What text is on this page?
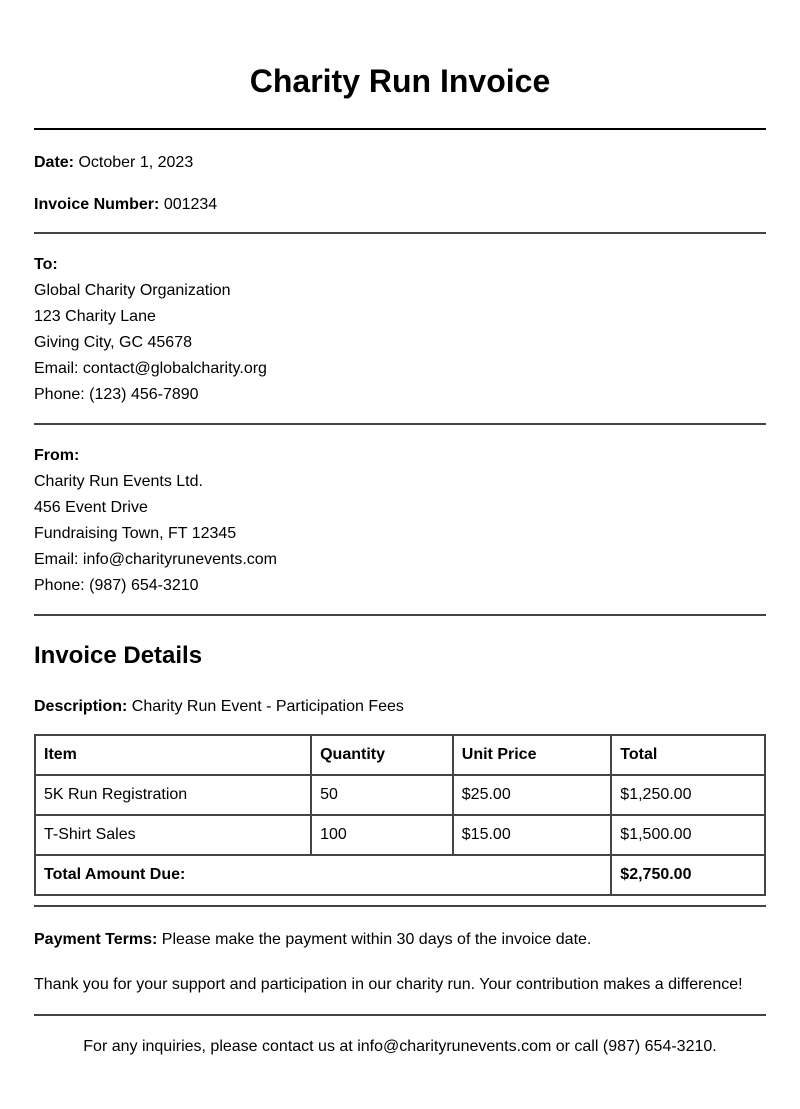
Charity Run Invoice
Date: October 1, 2023
Invoice Number: 001234
To:
Global Charity Organization
123 Charity Lane
Giving City, GC 45678
Email: contact@globalcharity.org
Phone: (123) 456-7890
From:
Charity Run Events Ltd.
456 Event Drive
Fundraising Town, FT 12345
Email: info@charityrunevents.com
Phone: (987) 654-3210
Invoice Details
Description: Charity Run Event - Participation Fees
Item	Quantity	Unit Price	Total
5K Run Registration	50	$25.00	$1,250.00
T-Shirt Sales	100	$15.00	$1,500.00
Total Amount Due:			$2,750.00
Payment Terms: Please make the payment within 30 days of the invoice date.
Thank you for your support and participation in our charity run. Your contribution makes a difference!
For any inquiries, please contact us at info@charityrunevents.com or call (987) 654-3210.
